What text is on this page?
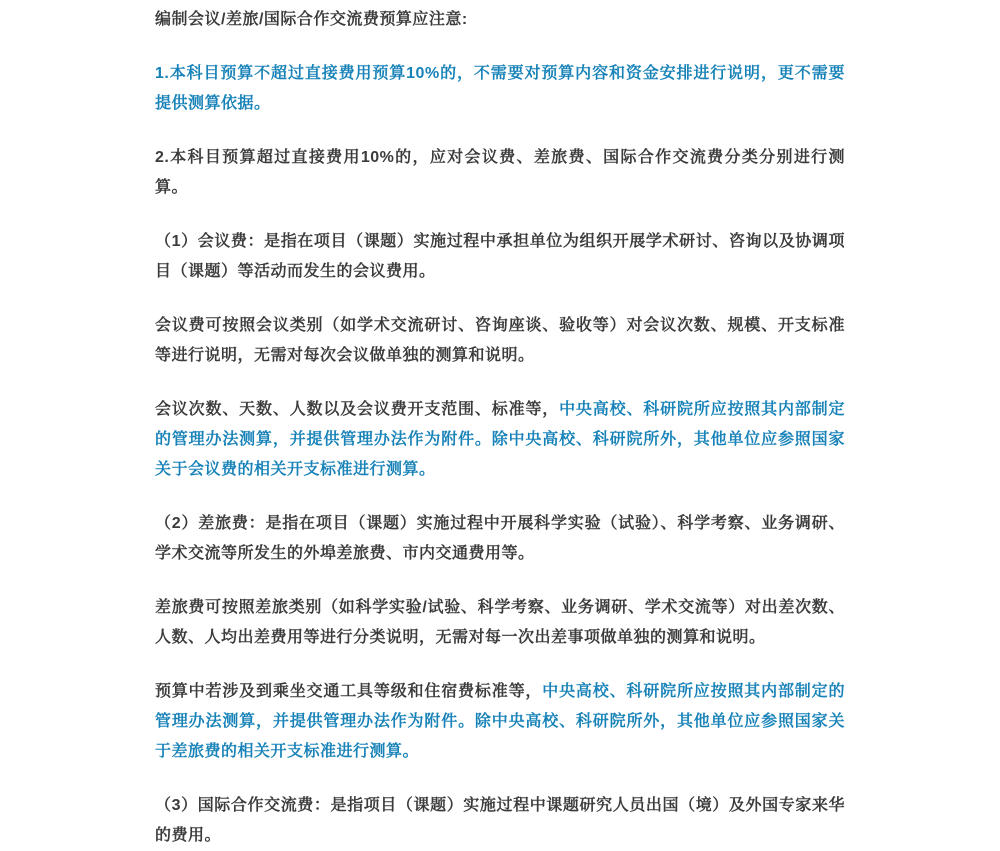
编制会议/差旅/国际合作交流费预算应注意:

1.本科目预算不超过直接费用预算10%的，不需要对预算内容和资金安排进行说明，更不需要提供测算依据。

2.本科目预算超过直接费用10%的，应对会议费、差旅费、国际合作交流费分类分别进行测算。

（1）会议费：是指在项目（课题）实施过程中承担单位为组织开展学术研讨、咨询以及协调项目（课题）等活动而发生的会议费用。

会议费可按照会议类别（如学术交流研讨、咨询座谈、验收等）对会议次数、规模、开支标准等进行说明，无需对每次会议做单独的测算和说明。

会议次数、天数、人数以及会议费开支范围、标准等，中央高校、科研院所应按照其内部制定的管理办法测算，并提供管理办法作为附件。除中央高校、科研院所外，其他单位应参照国家关于会议费的相关开支标准进行测算。

（2）差旅费：是指在项目（课题）实施过程中开展科学实验（试验）、科学考察、业务调研、学术交流等所发生的外埠差旅费、市内交通费用等。

差旅费可按照差旅类别（如科学实验/试验、科学考察、业务调研、学术交流等）对出差次数、人数、人均出差费用等进行分类说明，无需对每一次出差事项做单独的测算和说明。

预算中若涉及到乘坐交通工具等级和住宿费标准等，中央高校、科研院所应按照其内部制定的管理办法测算，并提供管理办法作为附件。除中央高校、科研院所外，其他单位应参照国家关于差旅费的相关开支标准进行测算。

（3）国际合作交流费：是指项目（课题）实施过程中课题研究人员出国（境）及外国专家来华的费用。
